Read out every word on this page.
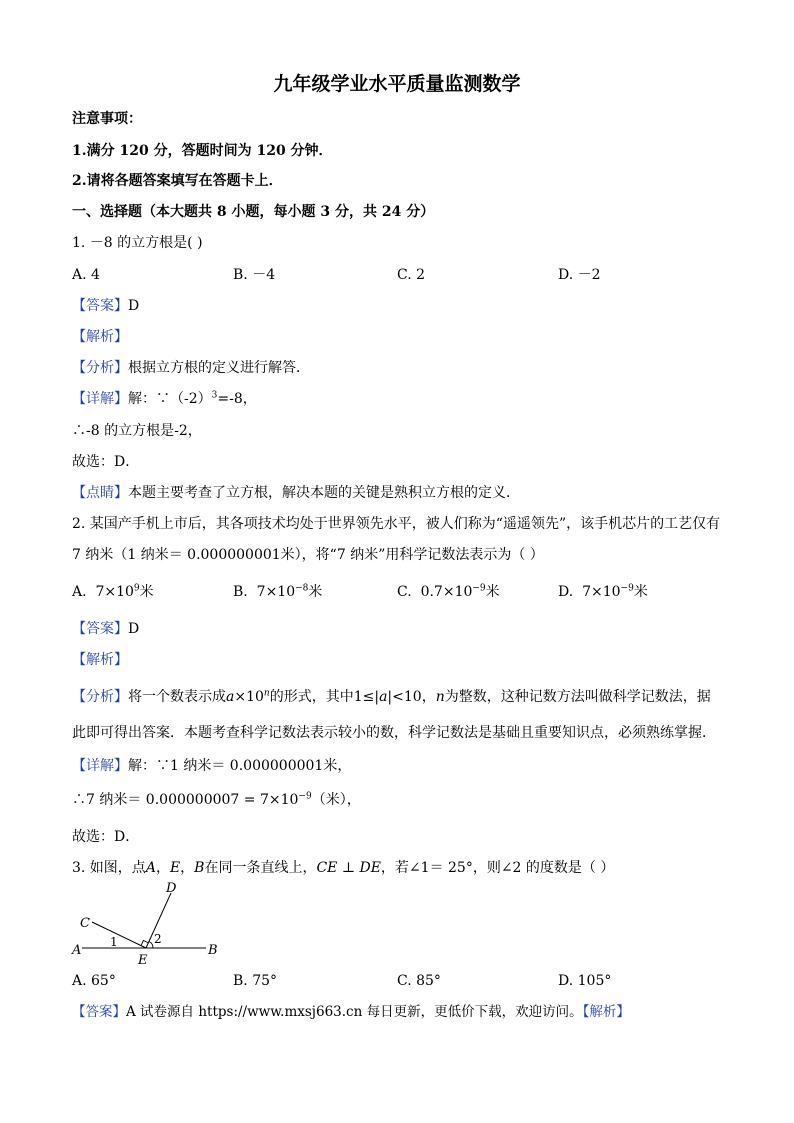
九年级学业水平质量监测数学
注意事项：
1.满分 120 分，答题时间为 120 分钟．
2.请将各题答案填写在答题卡上．
一、选择题（本大题共 8 小题，每小题 3 分，共 24 分）
1. －8 的立方根是( )
A. 4	B. －4	C. 2	D. －2
【答案】D
【解析】
【分析】根据立方根的定义进行解答．
【详解】解：$\because(-2)^3=-8$，
∴-8 的立方根是-2，
故选：D．
【点睛】本题主要考查了立方根，解决本题的关键是熟积立方根的定义．
2. 某国产手机上市后，其各项技术均处于世界领先水平，被人们称为“遥遥领先”，该手机芯片的工艺仅有
7 纳米（1 纳米＝ 0.000000001米），将“7 纳米”用科学记数法表示为（ ）
A. $7\times 10^9$米	B. $7\times 10^{-8}$米	C. $0.7\times 10^{-9}$米	D. $7\times 10^{-9}$米
【答案】D
【解析】
【分析】将一个数表示成$a\times 10^n$的形式，其中1≤|a|<10，n为整数，这种记数方法叫做科学记数法，据
此即可得出答案．本题考查科学记数法表示较小的数，科学记数法是基础且重要知识点，必须熟练掌握．
【详解】解：∵1 纳米＝ 0.000000001米，
∴7 纳米＝ $0.000000007 = 7\times 10^{-9}$（米），
故选：D．
3. 如图，点A，E，B在同一条直线上，CE ⊥ DE，若∠1＝ 25°，则∠2 的度数是（ ）
A	B
C
D
E
1	2
A. 65°	B. 75°	C. 85°	D. 105°
【答案】A 试卷源自 https://www.mxsj663.cn 每日更新，更低价下载，欢迎访问。【解析】
